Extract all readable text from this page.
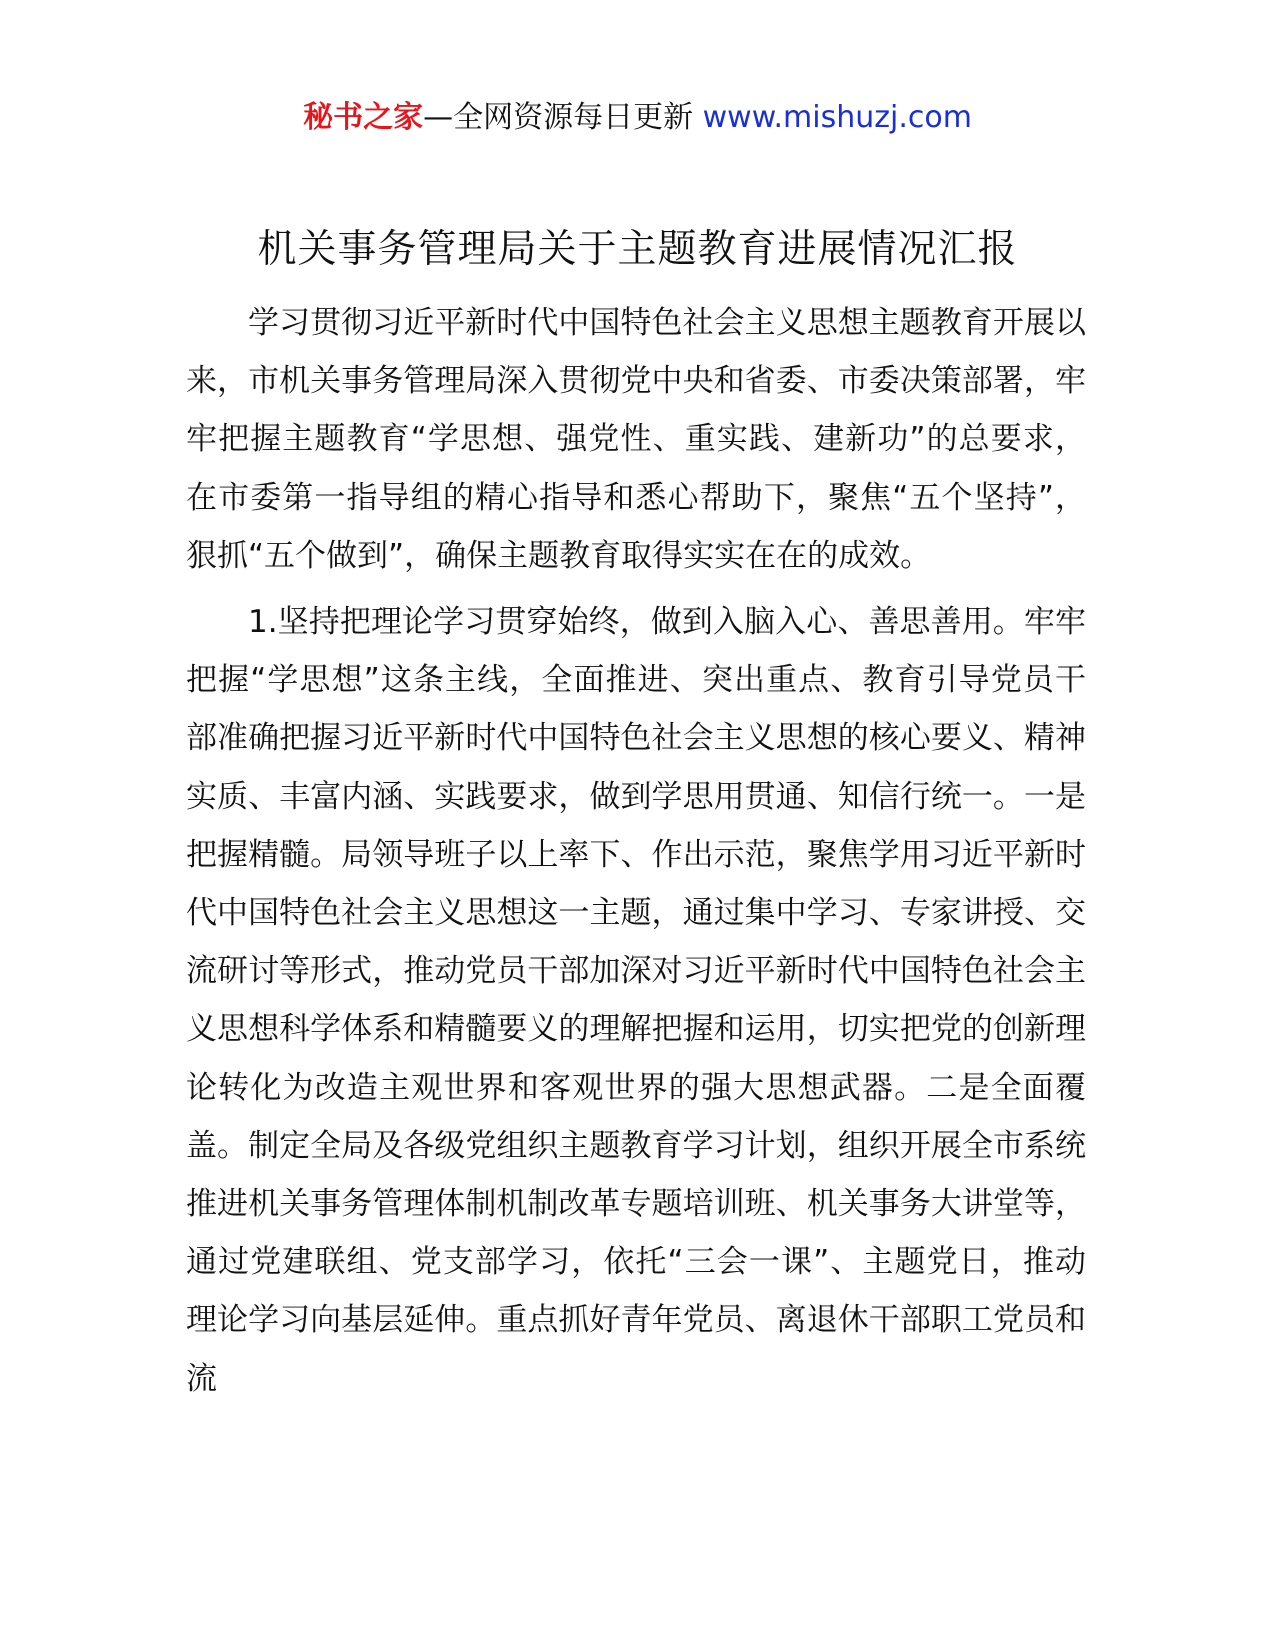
秘书之家—全网资源每日更新 www.mishuzj.com
机关事务管理局关于主题教育进展情况汇报

学习贯彻习近平新时代中国特色社会主义思想主题教育开展以来，市机关事务管理局深入贯彻党中央和省委、市委决策部署，牢牢把握主题教育“学思想、强党性、重实践、建新功”的总要求，在市委第一指导组的精心指导和悉心帮助下，聚焦“五个坚持”，狠抓“五个做到”，确保主题教育取得实实在在的成效。

1.坚持把理论学习贯穿始终，做到入脑入心、善思善用。牢牢把握“学思想”这条主线，全面推进、突出重点、教育引导党员干部准确把握习近平新时代中国特色社会主义思想的核心要义、精神实质、丰富内涵、实践要求，做到学思用贯通、知信行统一。一是把握精髓。局领导班子以上率下、作出示范，聚焦学用习近平新时代中国特色社会主义思想这一主题，通过集中学习、专家讲授、交流研讨等形式，推动党员干部加深对习近平新时代中国特色社会主义思想科学体系和精髓要义的理解把握和运用，切实把党的创新理论转化为改造主观世界和客观世界的强大思想武器。二是全面覆盖。制定全局及各级党组织主题教育学习计划，组织开展全市系统推进机关事务管理体制机制改革专题培训班、机关事务大讲堂等，通过党建联组、党支部学习，依托“三会一课”、主题党日，推动理论学习向基层延伸。重点抓好青年党员、离退休干部职工党员和流
